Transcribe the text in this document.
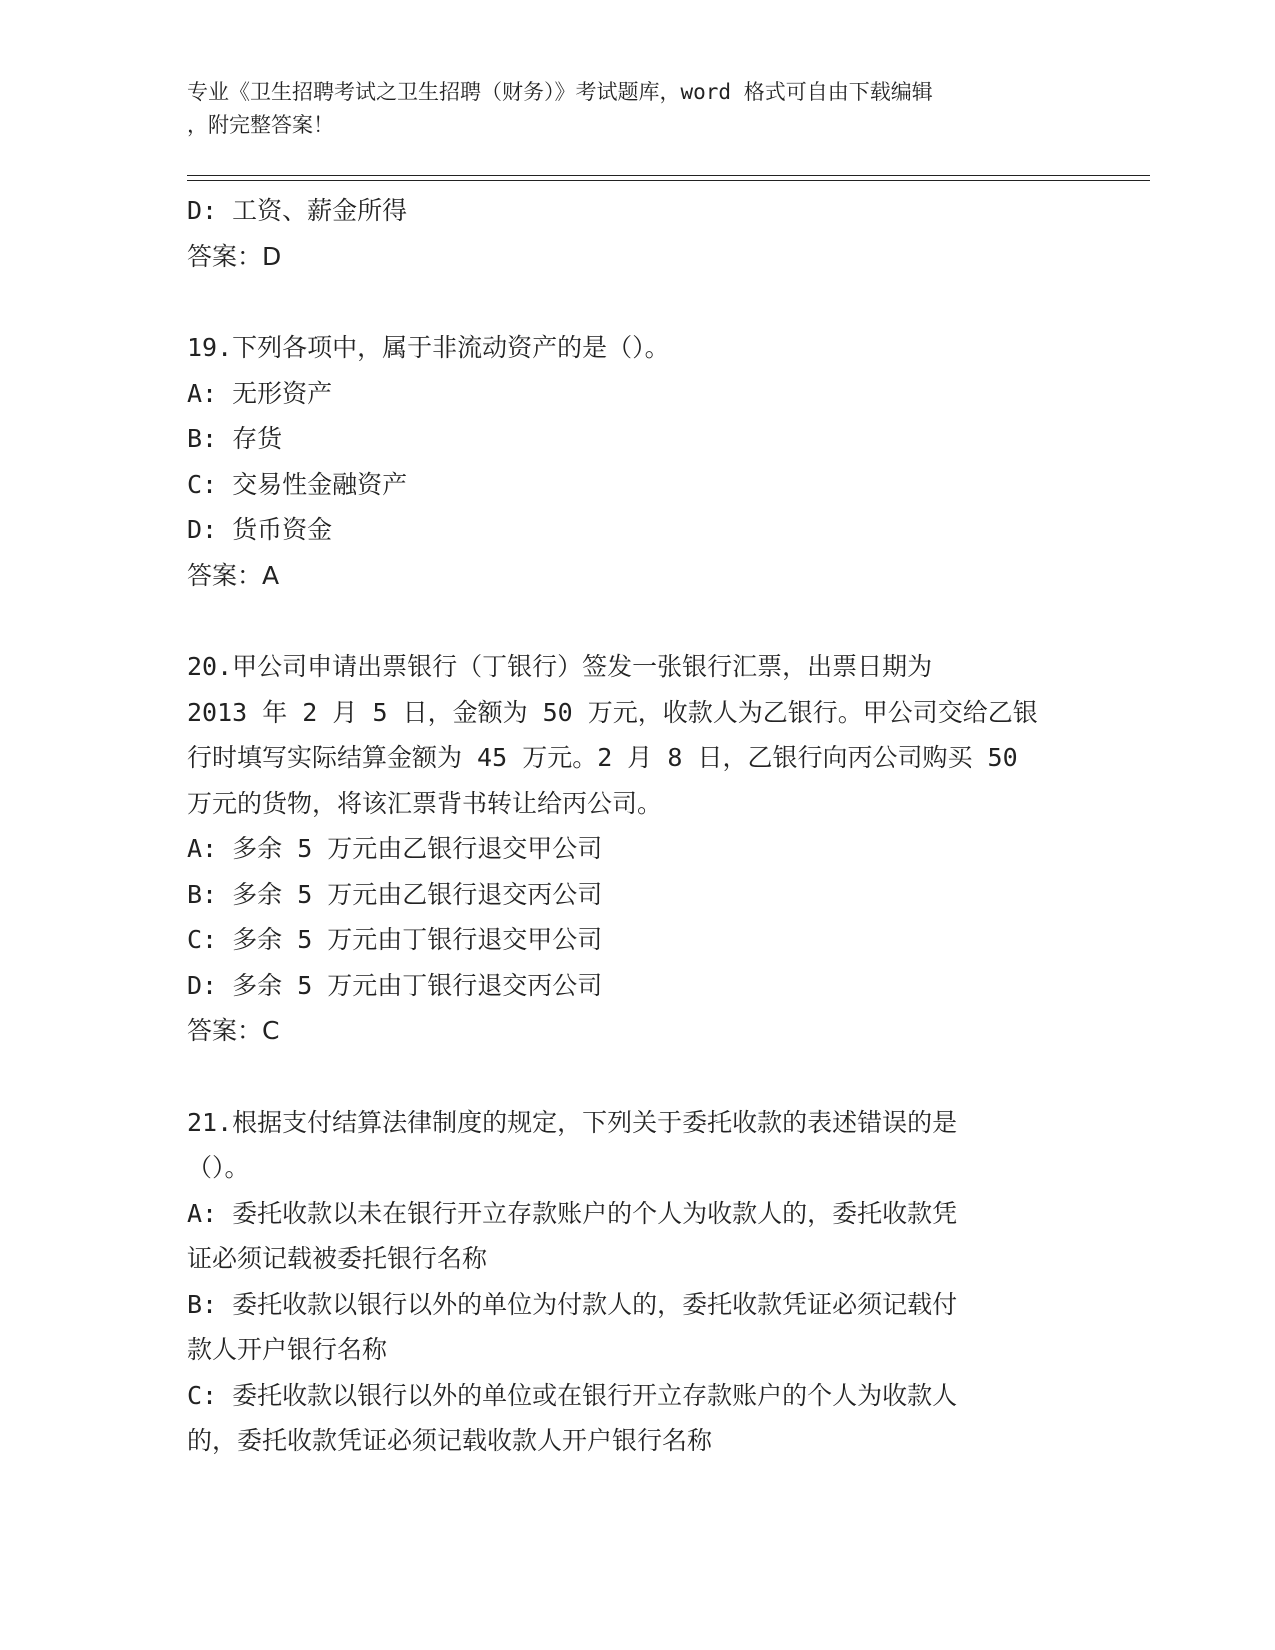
专业《卫生招聘考试之卫生招聘（财务）》考试题库，word 格式可自由下载编辑
，附完整答案！
D: 工资、薪金所得
答案：D
19.下列各项中，属于非流动资产的是（）。
A: 无形资产
B: 存货
C: 交易性金融资产
D: 货币资金
答案：A
20.甲公司申请出票银行（丁银行）签发一张银行汇票，出票日期为
2013 年 2 月 5 日，金额为 50 万元，收款人为乙银行。甲公司交给乙银
行时填写实际结算金额为 45 万元。2 月 8 日，乙银行向丙公司购买 50
万元的货物，将该汇票背书转让给丙公司。
A: 多余 5 万元由乙银行退交甲公司
B: 多余 5 万元由乙银行退交丙公司
C: 多余 5 万元由丁银行退交甲公司
D: 多余 5 万元由丁银行退交丙公司
答案：C
21.根据支付结算法律制度的规定，下列关于委托收款的表述错误的是
（）。
A: 委托收款以未在银行开立存款账户的个人为收款人的，委托收款凭
证必须记载被委托银行名称
B: 委托收款以银行以外的单位为付款人的，委托收款凭证必须记载付
款人开户银行名称
C: 委托收款以银行以外的单位或在银行开立存款账户的个人为收款人
的，委托收款凭证必须记载收款人开户银行名称
